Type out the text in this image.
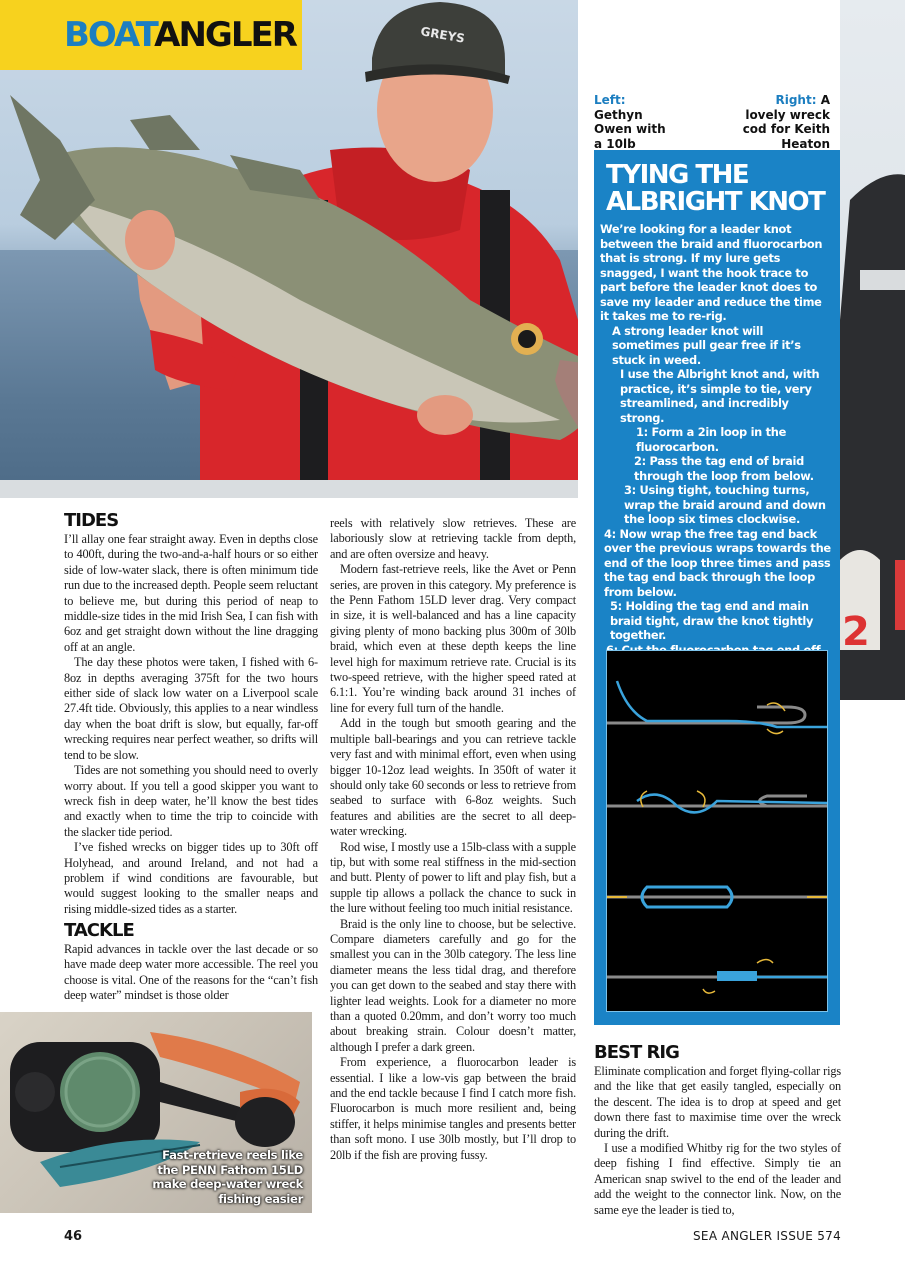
GREYS
2
BOATANGLER
Left: Gethyn Owen with a 10lb
Right: A lovely wreck cod for Keith Heaton
TYING THE
ALBRIGHT KNOT

We’re looking for a leader knot between the braid and fluorocarbon that is strong. If my lure gets snagged, I want the hook trace to part before the leader knot does to save my leader and reduce the time it takes me to re-rig.

A strong leader knot will sometimes pull gear free if it’s stuck in weed.

I use the Albright knot and, with practice, it’s simple to tie, very streamlined, and incredibly strong.

1: Form a 2in loop in the fluorocarbon.

2: Pass the tag end of braid through the loop from below.

3: Using tight, touching turns, wrap the braid around and down the loop six times clockwise.

4: Now wrap the free tag end back over the previous wraps towards the end of the loop three times and pass the tag end back through the loop from below.

5: Holding the tag end and main braid tight, draw the knot tightly together.

TIDES

I’ll allay one fear straight away. Even in depths close to 400ft, during the two-and-a-half hours or so either side of low-water slack, there is often minimum tide run due to the increased depth. People seem reluctant to believe me, but during this period of neap to middle-size tides in the mid Irish Sea, I can fish with 6oz and get straight down without the line dragging off at an angle.

The day these photos were taken, I fished with 6-8oz in depths averaging 375ft for the two hours either side of slack low water on a Liverpool scale 27.4ft tide. Obviously, this applies to a near windless day when the boat drift is slow, but equally, far-off wrecking requires near perfect weather, so drifts will tend to be slow.

Tides are not something you should need to overly worry about. If you tell a good skipper you want to wreck fish in deep water, he’ll know the best tides and exactly when to time the trip to coincide with the slacker tide period.

I’ve fished wrecks on bigger tides up to 30ft off Holyhead, and around Ireland, and not had a problem if wind conditions are favourable, but would suggest looking to the smaller neaps and rising middle-sized tides as a starter.

TACKLE

Rapid advances in tackle over the last decade or so have made deep water more accessible. The reel you choose is vital. One of the reasons for the “can’t fish deep water” mindset is those older

reels with relatively slow retrieves. These are laboriously slow at retrieving tackle from depth, and are often oversize and heavy.

Modern fast-retrieve reels, like the Avet or Penn series, are proven in this category. My preference is the Penn Fathom 15LD lever drag. Very compact in size, it is well-balanced and has a line capacity giving plenty of mono backing plus 300m of 30lb braid, which even at these depth keeps the line level high for maximum retrieve rate. Crucial is its two-speed retrieve, with the higher speed rated at 6.1:1. You’re winding back around 31 inches of line for every full turn of the handle.

Add in the tough but smooth gearing and the multiple ball-bearings and you can retrieve tackle very fast and with minimal effort, even when using bigger 10-12oz lead weights. In 350ft of water it should only take 60 seconds or less to retrieve from seabed to surface with 6-8oz weights. Such features and abilities are the secret to all deep-water wrecking.

Rod wise, I mostly use a 15lb-class with a supple tip, but with some real stiffness in the mid-section and butt. Plenty of power to lift and play fish, but a supple tip allows a pollack the chance to suck in the lure without feeling too much initial resistance.

Braid is the only line to choose, but be selective. Compare diameters carefully and go for the smallest you can in the 30lb category. The less line diameter means the less tidal drag, and therefore you can get down to the seabed and stay there with lighter lead weights. Look for a diameter no more than a quoted 0.20mm, and don’t worry too much about breaking strain. Colour doesn’t matter, although I prefer a dark green.

From experience, a fluorocarbon leader is essential. I like a low-vis gap between the braid and the end tackle because I find I catch more fish. Fluorocarbon is much more resilient and, being stiffer, it helps minimise tangles and presents better than soft mono. I use 30lb mostly, but I’ll drop to 20lb if the fish are proving fussy.

Fast-retrieve reels like the PENN Fathom 15LD make deep-water wreck fishing easier
BEST RIG

Eliminate complication and forget flying-collar rigs and the like that get easily tangled, especially on the descent. The idea is to drop at speed and get down there fast to maximise time over the wreck during the drift.

I use a modified Whitby rig for the two styles of deep fishing I find effective. Simply tie an American snap swivel to the end of the leader and add the weight to the connector link. Now, on the same eye the leader is tied to,

46	SEA ANGLER ISSUE 574
